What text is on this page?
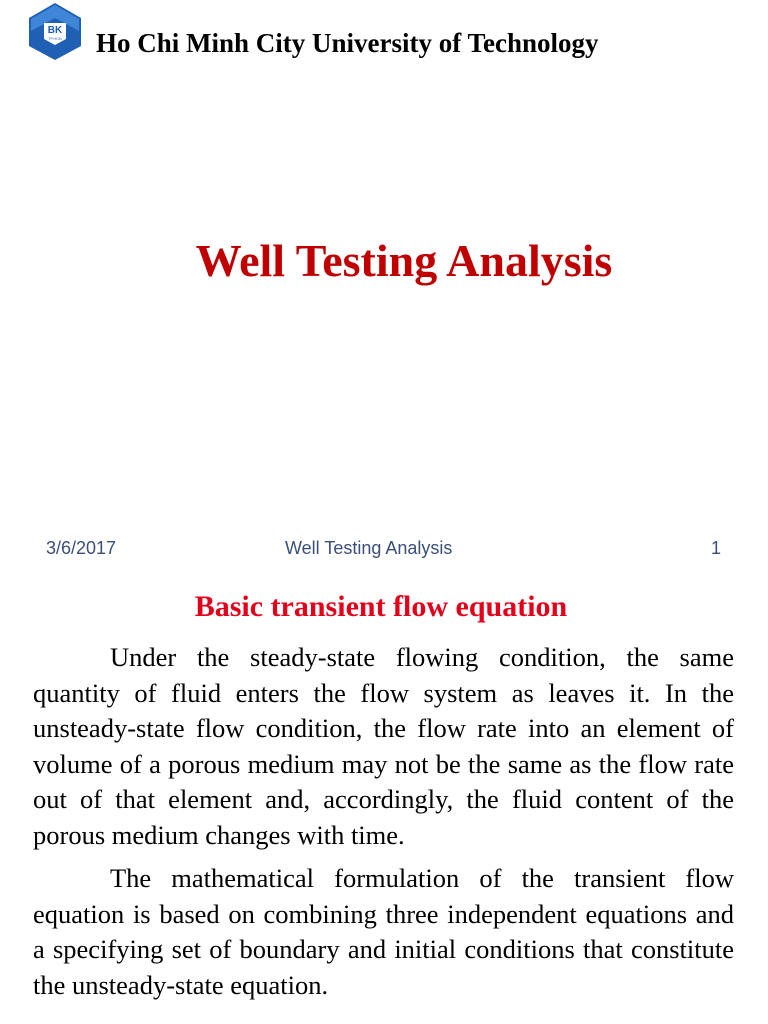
BK
TP.HCM Ho Chi Minh City University of Technology
Well Testing Analysis
3/6/2017	Well Testing Analysis	1
Basic transient flow equation

Under the steady-state flowing condition, the same quantity of fluid enters the flow system as leaves it. In the unsteady-state flow condition, the flow rate into an element of volume of a porous medium may not be the same as the flow rate out of that element and, accordingly, the fluid content of the porous medium changes with time.

The mathematical formulation of the transient flow equation is based on combining three independent equations and a specifying set of boundary and initial conditions that constitute the unsteady-state equation.
